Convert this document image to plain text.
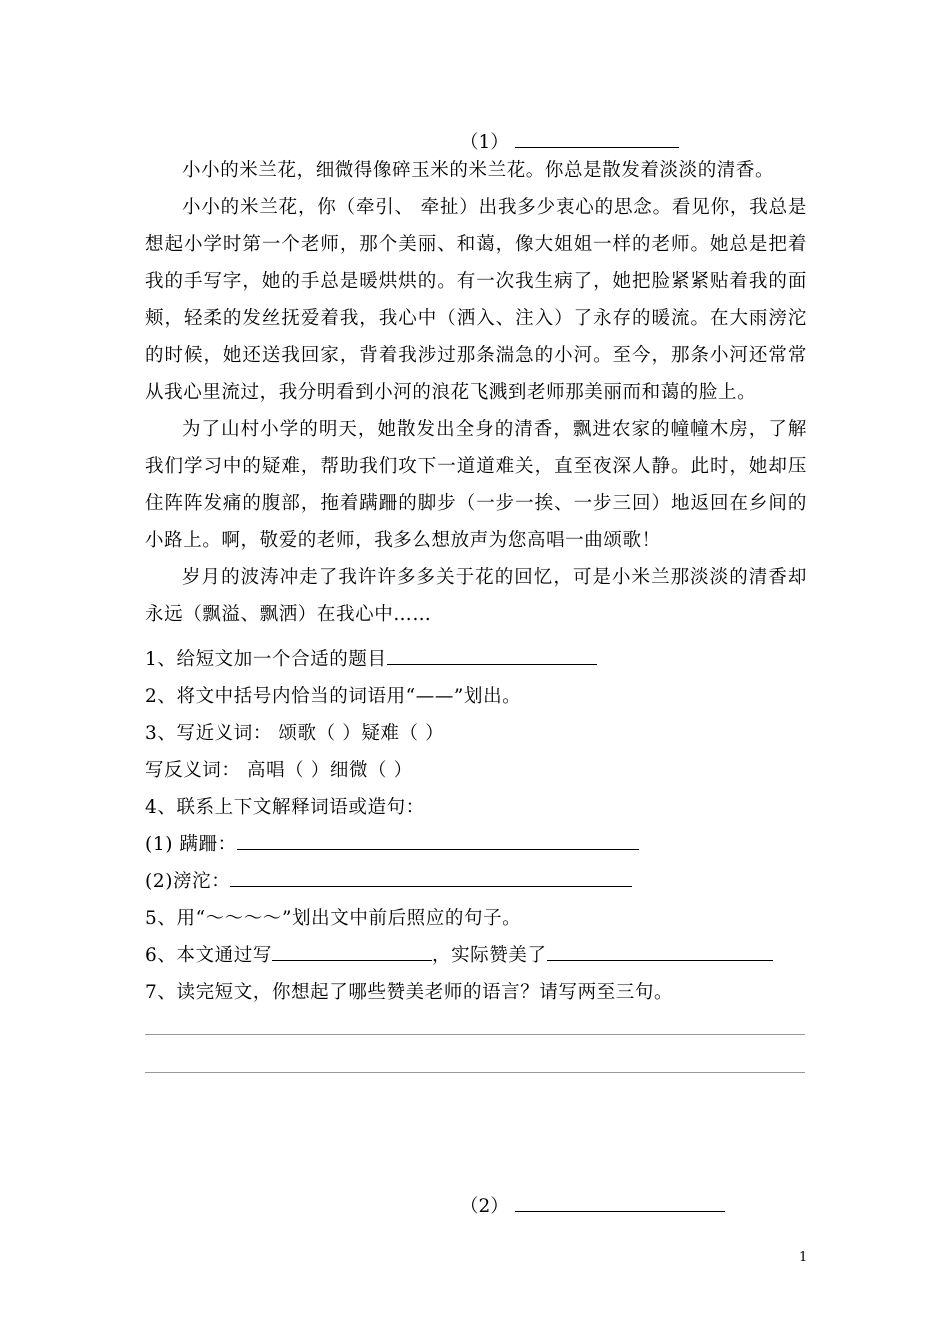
（1）
小小的米兰花，细微得像碎玉米的米兰花。你总是散发着淡淡的清香。
小小的米兰花，你（牵引、 牵扯）出我多少衷心的思念。看见你，我总是想起小学时第一个老师，那个美丽、和蔼，像大姐姐一样的老师。她总是把着我的手写字，她的手总是暖烘烘的。有一次我生病了，她把脸紧紧贴着我的面颊，轻柔的发丝抚爱着我，我心中（洒入、注入）了永存的暖流。在大雨滂沱的时候，她还送我回家，背着我涉过那条湍急的小河。至今，那条小河还常常从我心里流过，我分明看到小河的浪花飞溅到老师那美丽而和蔼的脸上。
为了山村小学的明天，她散发出全身的清香，飘进农家的幢幢木房，了解我们学习中的疑难，帮助我们攻下一道道难关，直至夜深人静。此时，她却压住阵阵发痛的腹部，拖着蹒跚的脚步（一步一挨、一步三回）地返回在乡间的小路上。啊，敬爱的老师，我多么想放声为您高唱一曲颂歌！
岁月的波涛冲走了我许许多多关于花的回忆，可是小米兰那淡淡的清香却永远（飘溢、飘洒）在我心中……
1、给短文加一个合适的题目
2、将文中括号内恰当的词语用“——”划出。
3、写近义词： 颂歌（ ）疑难（ ）
写反义词： 高唱（ ）细微（ ）
4、联系上下文解释词语或造句：
(1) 蹒跚：
(2)滂沱：
5、用“～～～～”划出文中前后照应的句子。
6、本文通过写	，实际赞美了
7、读完短文，你想起了哪些赞美老师的语言？请写两至三句。
（2）
1
